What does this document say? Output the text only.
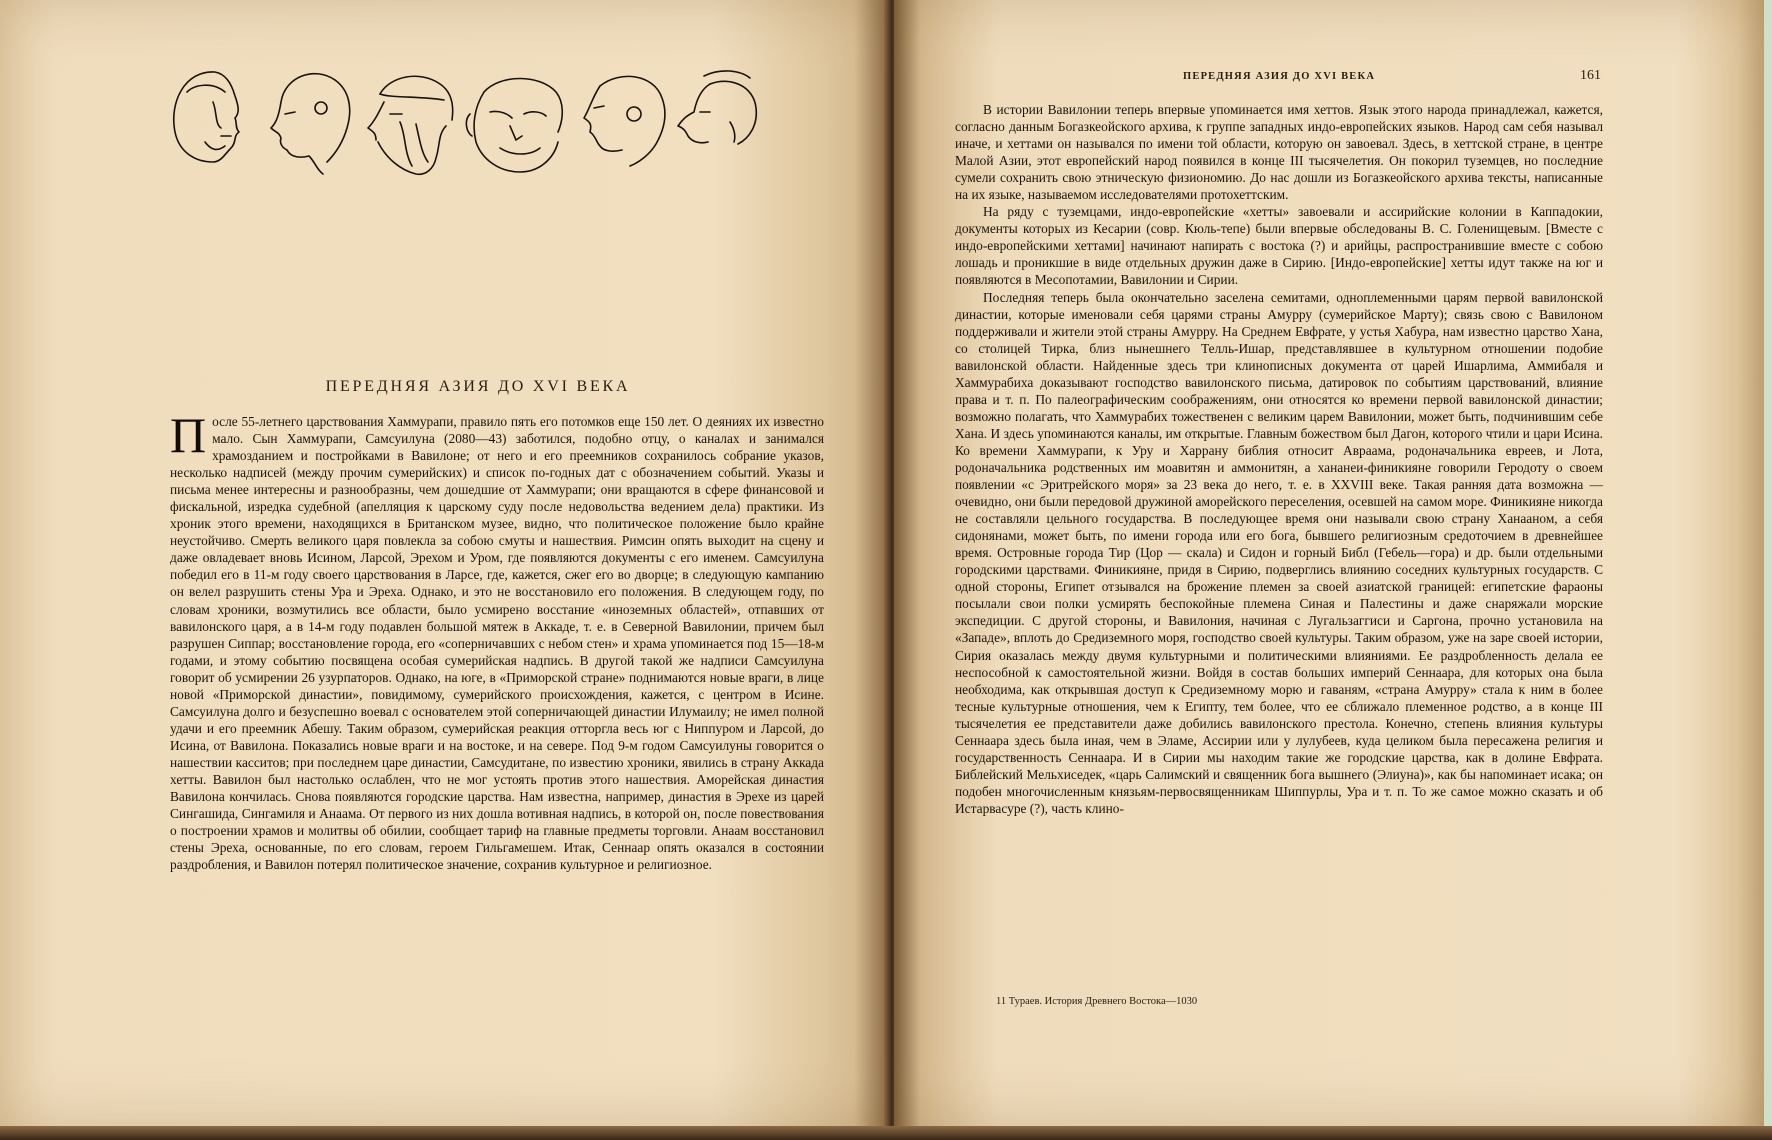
ПЕРЕДНЯЯ АЗИЯ ДО XVI ВЕКА

После 55-летнего царствования Хаммурапи, правило пять его потомков еще 150 лет. О деяниях их известно мало. Сын Хаммурапи, Самсуилуна (2080—43) заботился, подобно отцу, о каналах и занимался храмозданием и постройками в Вавилоне; от него и его преемников сохранилось собрание указов, несколько надписей (между прочим сумерийских) и список по-годных дат с обозначением событий. Указы и письма менее интересны и разнообразны, чем дошедшие от Хаммурапи; они вращаются в сфере финансовой и фискальной, изредка судебной (апелляция к царскому суду после недовольства ведением дела) практики. Из хроник этого времени, находящихся в Британском музее, видно, что политическое положение было крайне неустойчиво. Смерть великого царя повлекла за собою смуты и нашествия. Римсин опять выходит на сцену и даже овладевает вновь Исином, Ларсой, Эрехом и Уром, где появляются документы с его именем. Самсуилуна победил его в 11-м году своего царствования в Ларсе, где, кажется, сжег его во дворце; в следующую кампанию он велел разрушить стены Ура и Эреха. Однако, и это не восстановило его положения. В следующем году, по словам хроники, возмутились все области, было усмирено восстание «иноземных областей», отпавших от вавилонского царя, а в 14-м году подавлен большой мятеж в Аккаде, т. е. в Северной Вавилонии, причем был разрушен Сиппар; восстановление города, его «соперничавших с небом стен» и храма упоминается под 15—18-м годами, и этому событию посвящена особая сумерийская надпись. В другой такой же надписи Самсуилуна говорит об усмирении 26 узурпаторов. Однако, на юге, в «Приморской стране» поднимаются новые враги, в лице новой «Приморской династии», повидимому, сумерийского происхождения, кажется, с центром в Исине. Самсуилуна долго и безуспешно воевал с основателем этой соперничающей династии Илумаилу; не имел полной удачи и его преемник Абешу. Таким образом, сумерийская реакция отторгла весь юг с Ниппуром и Ларсой, до Исина, от Вавилона. Показались новые враги и на востоке, и на севере. Под 9-м годом Самсуилуны говорится о нашествии касситов; при последнем царе династии, Самсудитане, по известию хроники, явились в страну Аккада хетты. Вавилон был настолько ослаблен, что не мог устоять против этого нашествия. Аморейская династия Вавилона кончилась. Снова появляются городские царства. Нам известна, например, династия в Эрехе из царей Сингашида, Сингамиля и Анаама. От первого из них дошла вотивная надпись, в которой он, после повествования о построении храмов и молитвы об обилии, сообщает тариф на главные предметы торговли. Анаам восстановил стены Эреха, основанные, по его словам, героем Гильгамешем. Итак, Сеннаар опять оказался в состоянии раздробления, и Вавилон потерял политическое значение, сохранив культурное и религиозное.

ПЕРЕДНЯЯ АЗИЯ ДО XVI ВЕКА	161

В истории Вавилонии теперь впервые упоминается имя хеттов. Язык этого народа принадлежал, кажется, согласно данным Богазкеойского архива, к группе западных индо-европейских языков. Народ сам себя называл иначе, и хеттами он назывался по имени той области, которую он завоевал. Здесь, в хеттской стране, в центре Малой Азии, этот европейский народ появился в конце III тысячелетия. Он покорил туземцев, но последние сумели сохранить свою этническую физиономию. До нас дошли из Богазкеойского архива тексты, написанные на их языке, называемом исследователями протохеттским.

На ряду с туземцами, индо-европейские «хетты» завоевали и ассирийские колонии в Каппадокии, документы которых из Кесарии (совр. Кюль-тепе) были впервые обследованы В. С. Голенищевым. [Вместе с индо-европейскими хеттами] начинают напирать с востока (?) и арийцы, распространившие вместе с собою лошадь и проникшие в виде отдельных дружин даже в Сирию. [Индо-европейские] хетты идут также на юг и появляются в Месопотамии, Вавилонии и Сирии.

Последняя теперь была окончательно заселена семитами, одноплеменными царям первой вавилонской династии, которые именовали себя царями страны Амурру (сумерийское Марту); связь свою с Вавилоном поддерживали и жители этой страны Амурру. На Среднем Евфрате, у устья Хабура, нам известно царство Хана, со столицей Тирка, близ нынешнего Телль-Ишар, представлявшее в культурном отношении подобие вавилонской области. Найденные здесь три клинописных документа от царей Ишарлима, Аммибаля и Хаммурабиха доказывают господство вавилонского письма, датировок по событиям царствований, влияние права и т. п. По палеографическим соображениям, они относятся ко времени первой вавилонской династии; возможно полагать, что Хаммурабих тожественен с великим царем Вавилонии, может быть, подчинившим себе Хана. И здесь упоминаются каналы, им открытые. Главным божеством был Дагон, которого чтили и цари Исина. Ко времени Хаммурапи, к Уру и Харрану библия относит Авраама, родоначальника евреев, и Лота, родоначальника родственных им моавитян и аммонитян, а хананеи-финикияне говорили Геродоту о своем появлении «с Эритрейского моря» за 23 века до него, т. е. в XXVIII веке. Такая ранняя дата возможна — очевидно, они были передовой дружиной аморейского переселения, осевшей на самом море. Финикияне никогда не составляли цельного государства. В последующее время они называли свою страну Ханааном, а себя сидонянами, может быть, по имени города или его бога, бывшего религиозным средоточием в древнейшее время. Островные города Тир (Цор — скала) и Сидон и горный Библ (Гебель—гора) и др. были отдельными городскими царствами. Финикияне, придя в Сирию, подверглись влиянию соседних культурных государств. С одной стороны, Египет отзывался на брожение племен за своей азиатской границей: египетские фараоны посылали свои полки усмирять беспокойные племена Синая и Палестины и даже снаряжали морские экспедиции. С другой стороны, и Вавилония, начиная с Лугальзаггиси и Саргона, прочно установила на «Западе», вплоть до Средиземного моря, господство своей культуры. Таким образом, уже на заре своей истории, Сирия оказалась между двумя культурными и политическими влияниями. Ее раздробленность делала ее неспособной к самостоятельной жизни. Войдя в состав больших империй Сеннаара, для которых она была необходима, как открывшая доступ к Средиземному морю и гаваням, «страна Амурру» стала к ним в более тесные культурные отношения, чем к Египту, тем более, что ее сближало племенное родство, а в конце III тысячелетия ее представители даже добились вавилонского престола. Конечно, степень влияния культуры Сеннаара здесь была иная, чем в Эламе, Ассирии или у лулубеев, куда целиком была пересажена религия и государственность Сеннаара. И в Сирии мы находим такие же городские царства, как в долине Евфрата. Библейский Мельхиседек, «царь Салимский и священник бога вышнего (Элиуна)», как бы напоминает исака; он подобен многочисленным князьям-первосвященникам Шиппурлы, Ура и т. п. То же самое можно сказать и об Истарвасуре (?), часть клино-

11 Тураев. История Древнего Востока—1030
